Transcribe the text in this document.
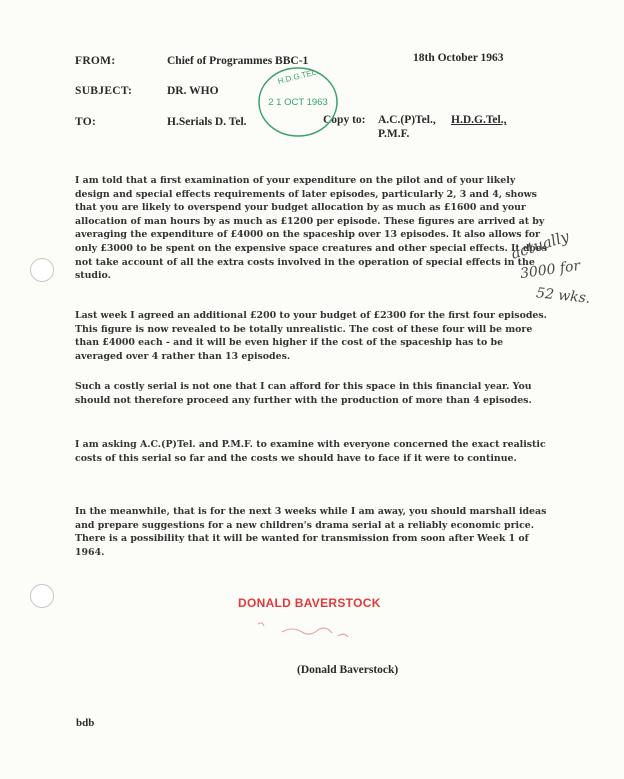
FROM:	Chief of Programmes BBC-1	18th October 1963
SUBJECT:	DR. WHO
TO:	H.Serials D. Tel.	Copy to: A.C.(P)Tel., H.D.G.Tel.,
P.M.F.
H.D.G.TEL.
2 1 OCT 1963
I am told that a first examination of your expenditure on the pilot and of your likely design and special effects requirements of later episodes, particularly 2, 3 and 4, shows that you are likely to overspend your budget allocation by as much as £1600 and your allocation of man hours by as much as £1200 per episode. These figures are arrived at by averaging the expenditure of £4000 on the spaceship over 13 episodes. It also allows for only £3000 to be spent on the expensive space creatures and other special effects. It does not take account of all the extra costs involved in the operation of special effects in the studio.
Last week I agreed an additional £200 to your budget of £2300 for the first four episodes. This figure is now revealed to be totally unrealistic. The cost of these four will be more than £4000 each - and it will be even higher if the cost of the spaceship has to be averaged over 4 rather than 13 episodes.
Such a costly serial is not one that I can afford for this space in this financial year. You should not therefore proceed any further with the production of more than 4 episodes.
I am asking A.C.(P)Tel. and P.M.F. to examine with everyone concerned the exact realistic costs of this serial so far and the costs we should have to face if it were to continue.
In the meanwhile, that is for the next 3 weeks while I am away, you should marshall ideas and prepare suggestions for a new children's drama serial at a reliably economic price. There is a possibility that it will be wanted for transmission from soon after Week 1 of 1964.
actually
3000 for
52 wks.
DONALD BAVERSTOCK
(Donald Baverstock)
bdb
